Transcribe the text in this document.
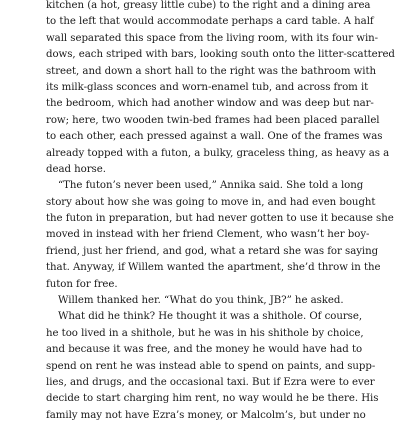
kitchen (a hot, greasy little cube) to the right and a dining area
to the left that would accommodate perhaps a card table. A half
wall separated this space from the living room, with its four win-
dows, each striped with bars, looking south onto the litter-scattered
street, and down a short hall to the right was the bathroom with
its milk-glass sconces and worn-enamel tub, and across from it
the bedroom, which had another window and was deep but nar-
row; here, two wooden twin-bed frames had been placed parallel
to each other, each pressed against a wall. One of the frames was
already topped with a futon, a bulky, graceless thing, as heavy as a
dead horse.
“The futon’s never been used,” Annika said. She told a long
story about how she was going to move in, and had even bought
the futon in preparation, but had never gotten to use it because she
moved in instead with her friend Clement, who wasn’t her boy-
friend, just her friend, and god, what a retard she was for saying
that. Anyway, if Willem wanted the apartment, she’d throw in the
futon for free.
Willem thanked her. “What do you think, JB?” he asked.
What did he think? He thought it was a shithole. Of course,
he too lived in a shithole, but he was in his shithole by choice,
and because it was free, and the money he would have had to
spend on rent he was instead able to spend on paints, and supp-
lies, and drugs, and the occasional taxi. But if Ezra were to ever
decide to start charging him rent, no way would he be there. His
family may not have Ezra’s money, or Malcolm’s, but under no
